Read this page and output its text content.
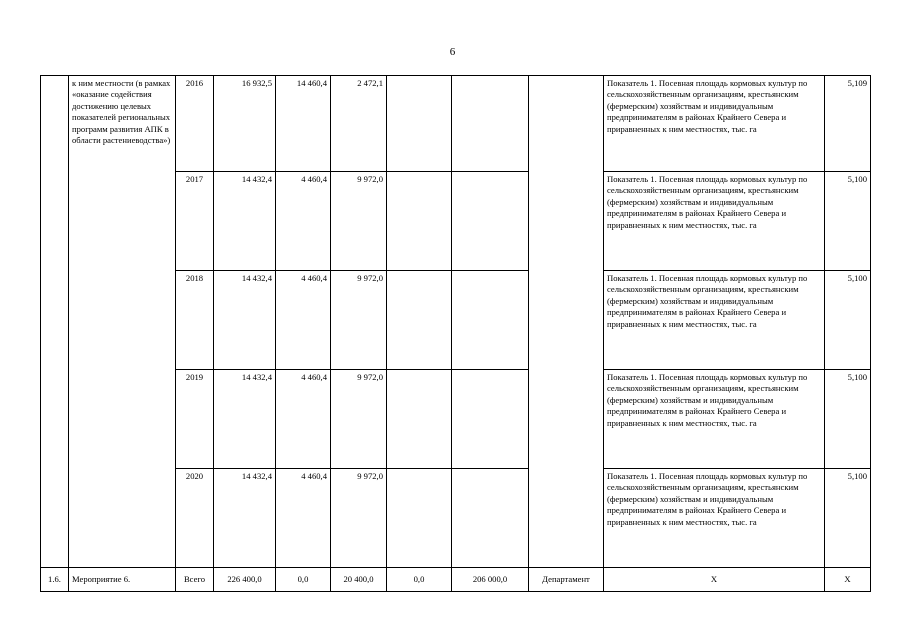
6
	к ним местности (в рамках «оказание содействия достижению целевых показателей региональных программ развития АПК в области растениеводства»)	2016	16 932,5	14 460,4	2 472,1				Показатель 1. Посевная площадь кормовых культур по сельскохозяйственным организациям, крестьянским (фермерским) хозяйствам и индивидуальным предпринимателям в районах Крайнего Севера и приравненных к ним местностях, тыс. га	5,109
		2017	14 432,4	4 460,4	9 972,0				Показатель 1. Посевная площадь кормовых культур по сельскохозяйственным организациям, крестьянским (фермерским) хозяйствам и индивидуальным предпринимателям в районах Крайнего Севера и приравненных к ним местностях, тыс. га	5,100
		2018	14 432,4	4 460,4	9 972,0				Показатель 1. Посевная площадь кормовых культур по сельскохозяйственным организациям, крестьянским (фермерским) хозяйствам и индивидуальным предпринимателям в районах Крайнего Севера и приравненных к ним местностях, тыс. га	5,100
		2019	14 432,4	4 460,4	9 972,0				Показатель 1. Посевная площадь кормовых культур по сельскохозяйственным организациям, крестьянским (фермерским) хозяйствам и индивидуальным предпринимателям в районах Крайнего Севера и приравненных к ним местностях, тыс. га	5,100
		2020	14 432,4	4 460,4	9 972,0				Показатель 1. Посевная площадь кормовых культур по сельскохозяйственным организациям, крестьянским (фермерским) хозяйствам и индивидуальным предпринимателям в районах Крайнего Севера и приравненных к ним местностях, тыс. га	5,100
1.6.	Мероприятие 6.	Всего	226 400,0	0,0	20 400,0	0,0	206 000,0	Департамент	Х	Х
